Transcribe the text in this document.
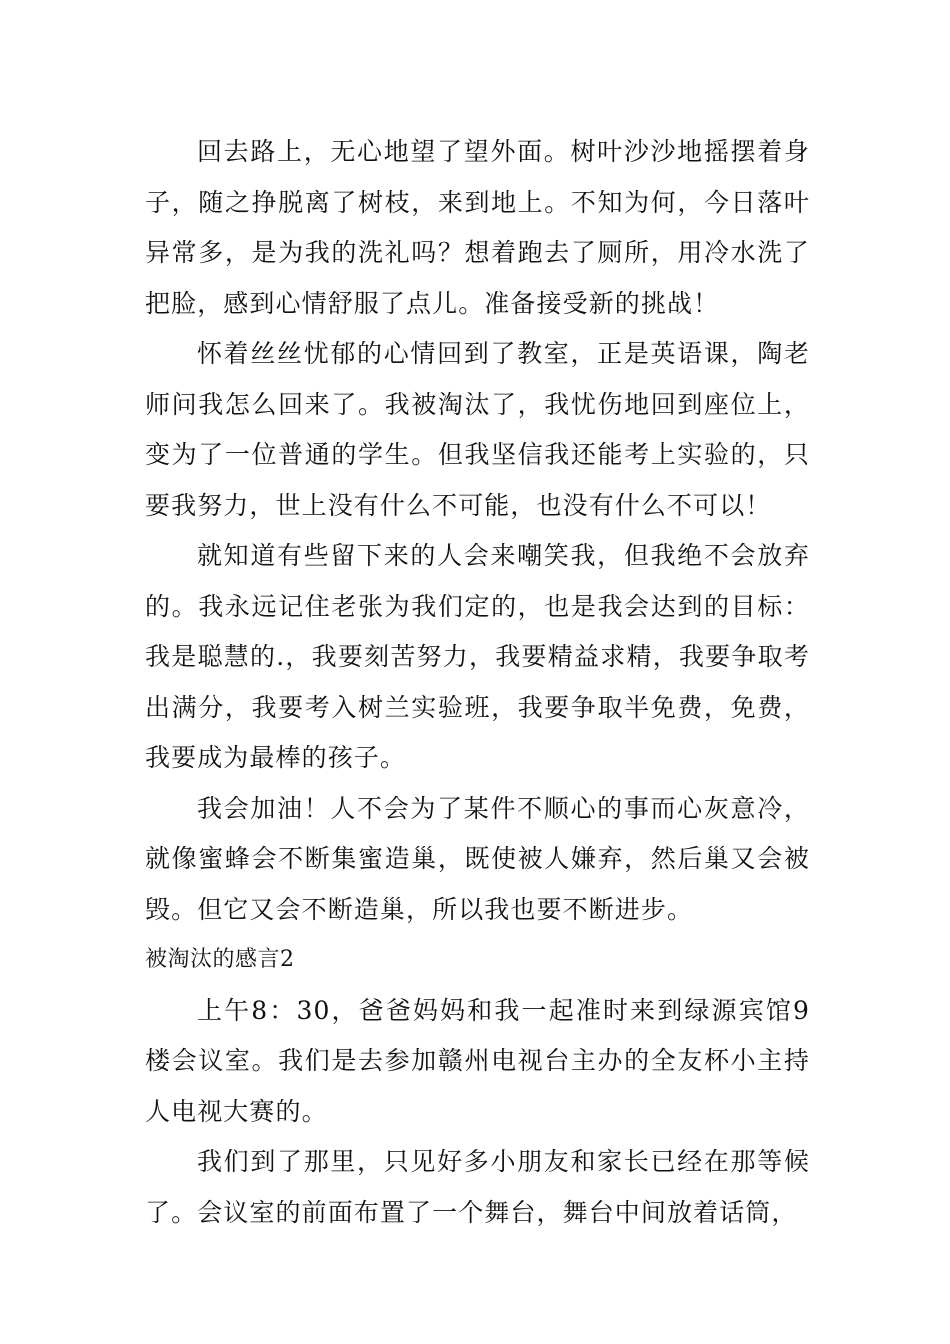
回去路上，无心地望了望外面。树叶沙沙地摇摆着身子，随之挣脱离了树枝，来到地上。不知为何，今日落叶异常多，是为我的洗礼吗？想着跑去了厕所，用冷水洗了把脸，感到心情舒服了点儿。准备接受新的挑战！

怀着丝丝忧郁的心情回到了教室，正是英语课，陶老师问我怎么回来了。我被淘汰了，我忧伤地回到座位上，变为了一位普通的学生。但我坚信我还能考上实验的，只要我努力，世上没有什么不可能，也没有什么不可以！

就知道有些留下来的人会来嘲笑我，但我绝不会放弃的。我永远记住老张为我们定的，也是我会达到的目标：我是聪慧的.，我要刻苦努力，我要精益求精，我要争取考出满分，我要考入树兰实验班，我要争取半免费，免费，我要成为最棒的孩子。

我会加油！人不会为了某件不顺心的事而心灰意冷，就像蜜蜂会不断集蜜造巢，既使被人嫌弃，然后巢又会被毁。但它又会不断造巢，所以我也要不断进步。

被淘汰的感言2

上午8：30，爸爸妈妈和我一起准时来到绿源宾馆9楼会议室。我们是去参加赣州电视台主办的全友杯小主持人电视大赛的。

我们到了那里，只见好多小朋友和家长已经在那等候了。会议室的前面布置了一个舞台，舞台中间放着话筒，
